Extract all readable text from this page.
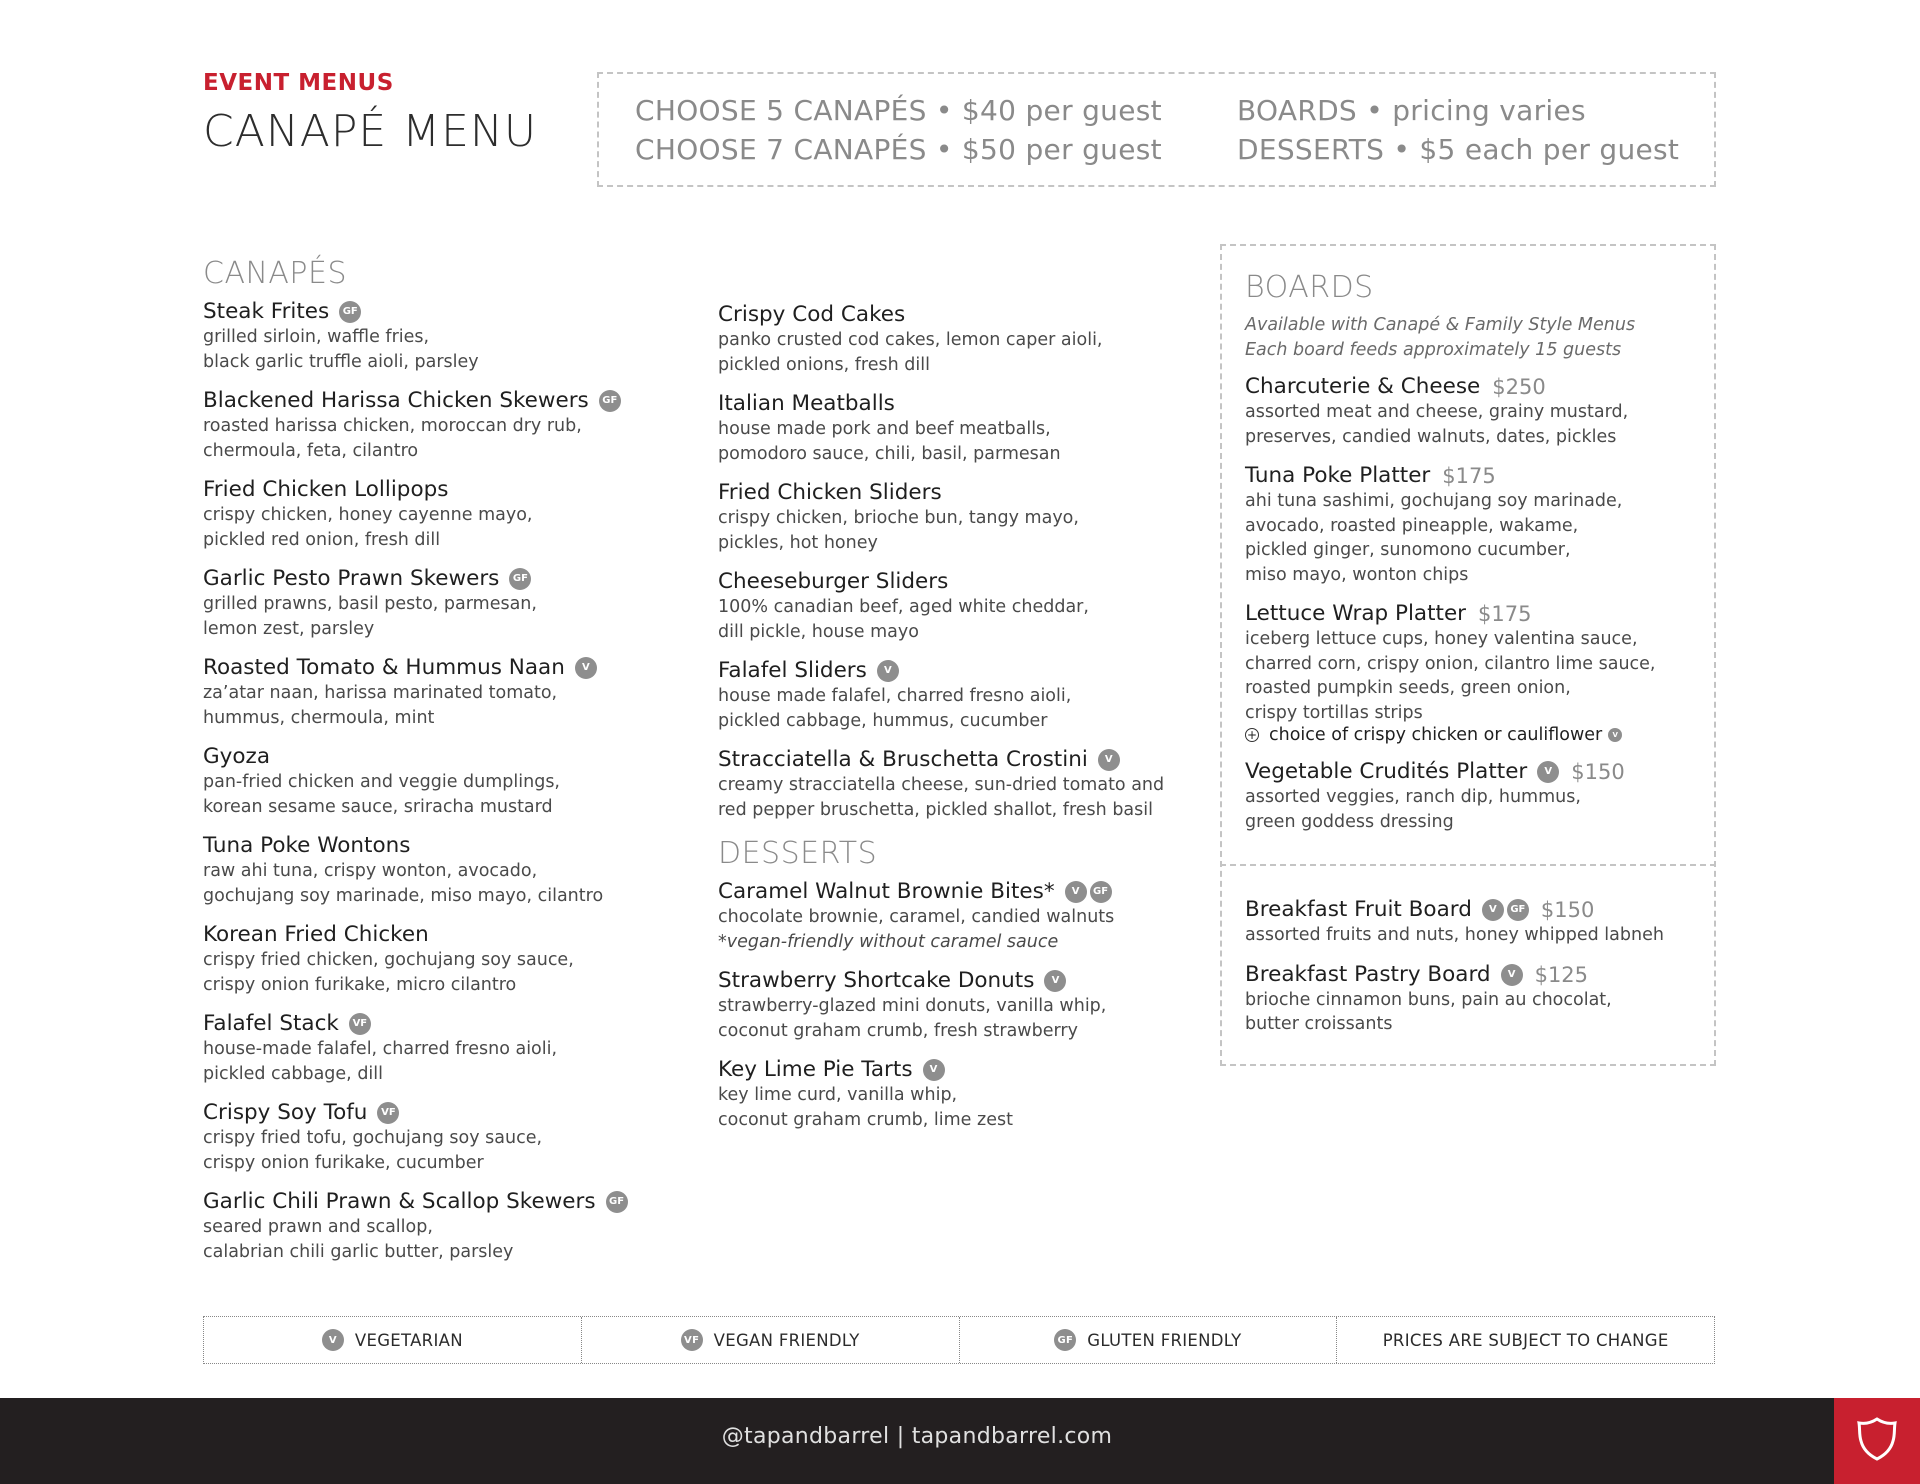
EVENT MENUS
CANAPÉ MENU	CHOOSE 5 CANAPÉS • $40 per guest
CHOOSE 7 CANAPÉS • $50 per guest
BOARDS • pricing varies
DESSERTS • $5 each per guest
CANAPÉS
Steak Frites	GF
grilled sirloin, waffle fries,
black garlic truffle aioli, parsley
Blackened Harissa Chicken Skewers	GF
roasted harissa chicken, moroccan dry rub,
chermoula, feta, cilantro
Fried Chicken Lollipops
crispy chicken, honey cayenne mayo,
pickled red onion, fresh dill
Garlic Pesto Prawn Skewers	GF
grilled prawns, basil pesto, parmesan,
lemon zest, parsley
Roasted Tomato & Hummus Naan	V
za’atar naan, harissa marinated tomato,
hummus, chermoula, mint
Gyoza
pan-fried chicken and veggie dumplings,
korean sesame sauce, sriracha mustard
Tuna Poke Wontons
raw ahi tuna, crispy wonton, avocado,
gochujang soy marinade, miso mayo, cilantro
Korean Fried Chicken
crispy fried chicken, gochujang soy sauce,
crispy onion furikake, micro cilantro
Falafel Stack	VF
house-made falafel, charred fresno aioli,
pickled cabbage, dill
Crispy Soy Tofu	VF
crispy fried tofu, gochujang soy sauce,
crispy onion furikake, cucumber
Garlic Chili Prawn & Scallop Skewers	GF
seared prawn and scallop,
calabrian chili garlic butter, parsley
Crispy Cod Cakes
panko crusted cod cakes, lemon caper aioli,
pickled onions, fresh dill
Italian Meatballs
house made pork and beef meatballs,
pomodoro sauce, chili, basil, parmesan
Fried Chicken Sliders
crispy chicken, brioche bun, tangy mayo,
pickles, hot honey
Cheeseburger Sliders
100% canadian beef, aged white cheddar,
dill pickle, house mayo
Falafel Sliders	V
house made falafel, charred fresno aioli,
pickled cabbage, hummus, cucumber
Stracciatella & Bruschetta Crostini	V
creamy stracciatella cheese, sun-dried tomato and
red pepper bruschetta, pickled shallot, fresh basil
DESSERTS
Caramel Walnut Brownie Bites*	V	GF
chocolate brownie, caramel, candied walnuts
*vegan-friendly without caramel sauce
Strawberry Shortcake Donuts	V
strawberry-glazed mini donuts, vanilla whip,
coconut graham crumb, fresh strawberry
Key Lime Pie Tarts	V
key lime curd, vanilla whip,
coconut graham crumb, lime zest
BOARDS
Available with Canapé & Family Style Menus
Each board feeds approximately 15 guests
Charcuterie & Cheese $250
assorted meat and cheese, grainy mustard,
preserves, candied walnuts, dates, pickles
Tuna Poke Platter $175
ahi tuna sashimi, gochujang soy marinade,
avocado, roasted pineapple, wakame,
pickled ginger, sunomono cucumber,
miso mayo, wonton chips
Lettuce Wrap Platter $175
iceberg lettuce cups, honey valentina sauce,
charred corn, crispy onion, cilantro lime sauce,
roasted pumpkin seeds, green onion,
crispy tortillas strips
+ choice of crispy chicken or cauliflower	V
Vegetable Crudités Platter	V $150
assorted veggies, ranch dip, hummus,
green goddess dressing
Breakfast Fruit Board	V	GF $150
assorted fruits and nuts, honey whipped labneh
Breakfast Pastry Board	V $125
brioche cinnamon buns, pain au chocolat,
butter croissants
V	VEGETARIAN	VF VEGAN FRIENDLY	GF GLUTEN FRIENDLY	PRICES ARE SUBJECT TO CHANGE
@tapandbarrel | tapandbarrel.com
